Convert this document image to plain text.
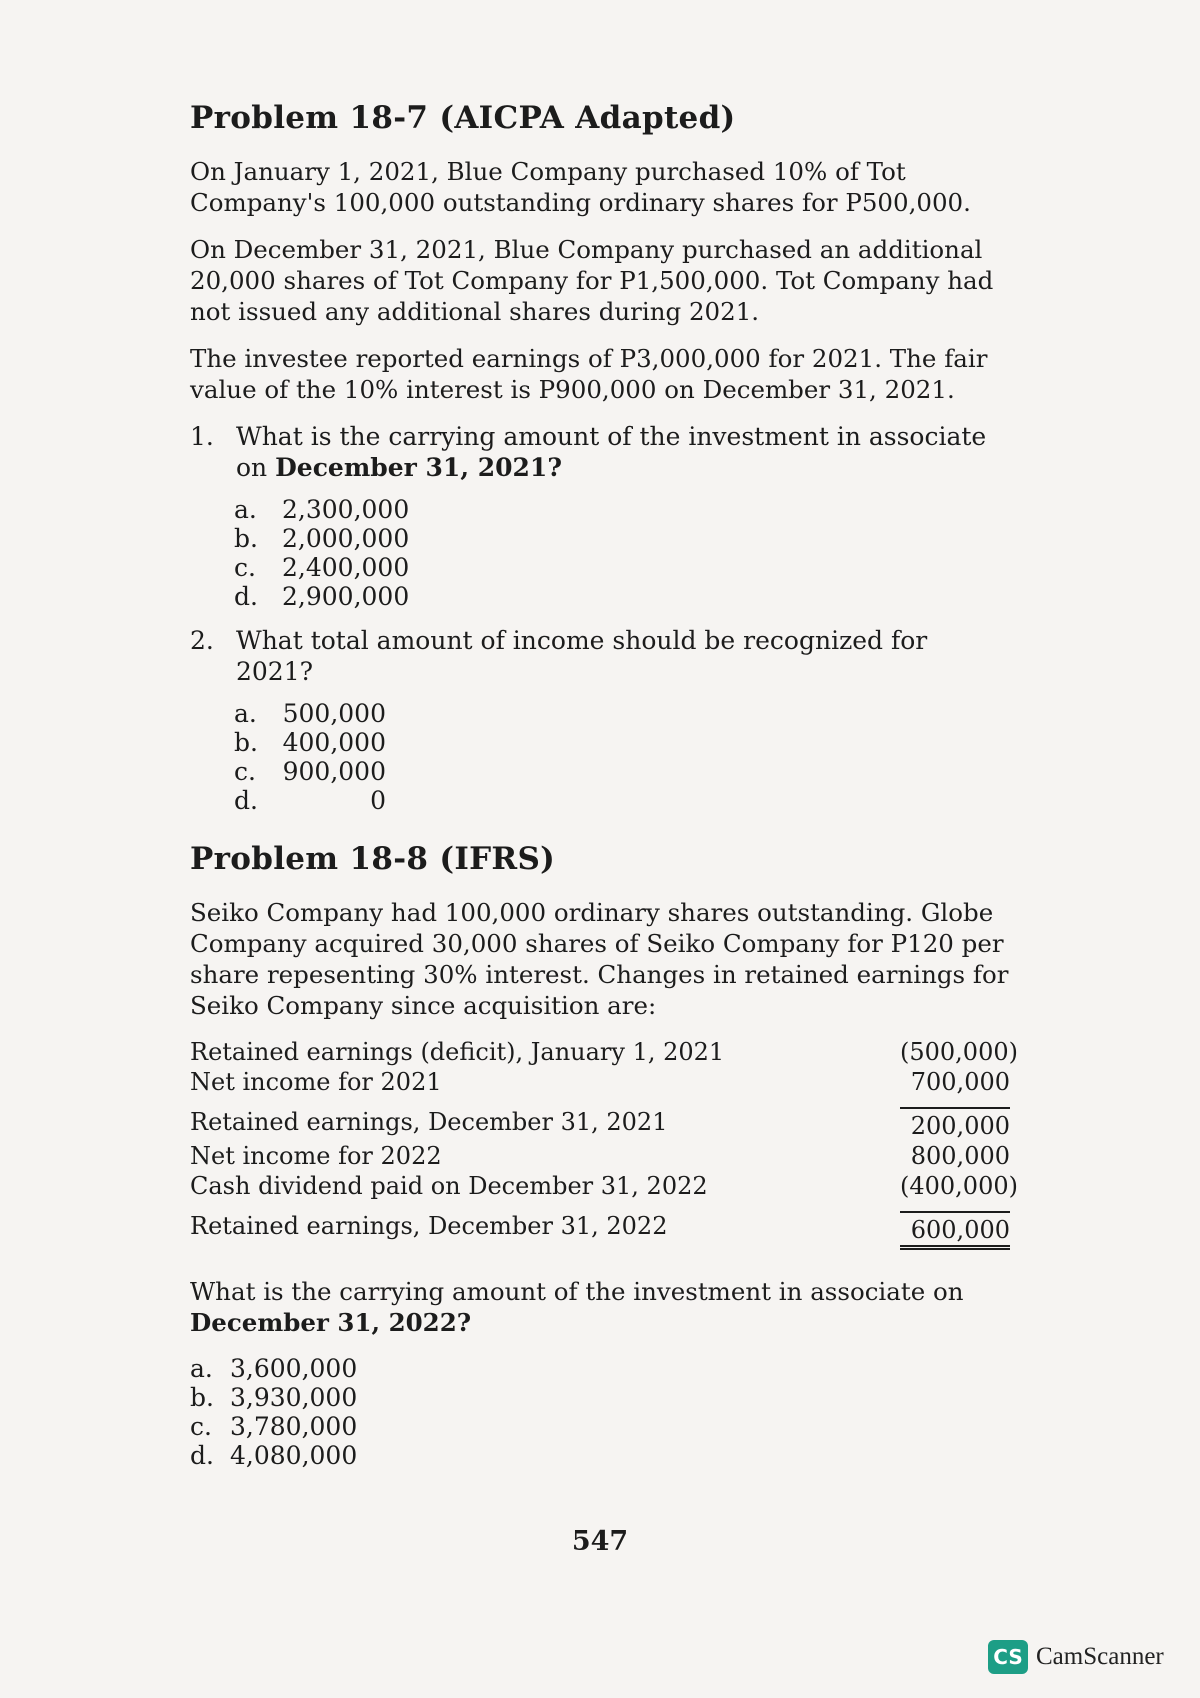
Problem 18-7 (AICPA Adapted)

On January 1, 2021, Blue Company purchased 10% of Tot Company's 100,000 outstanding ordinary shares for P500,000.

On December 31, 2021, Blue Company purchased an additional 20,000 shares of Tot Company for P1,500,000. Tot Company had not issued any additional shares during 2021.

The investee reported earnings of P3,000,000 for 2021. The fair value of the 10% interest is P900,000 on December 31, 2021.

1. What is the carrying amount of the investment in associate on December 31, 2021?
a.	2,300,000
b. 2,000,000
c.	2,400,000
d. 2,900,000
2. What total amount of income should be recognized for 2021?
a.	500,000
b. 400,000
c.	900,000
d.	0
Problem 18-8 (IFRS)

Seiko Company had 100,000 ordinary shares outstanding. Globe Company acquired 30,000 shares of Seiko Company for P120 per share repesenting 30% interest. Changes in retained earnings for Seiko Company since acquisition are:

Retained earnings (deficit), January 1, 2021	(500,000)
Net income for 2021	700,000
Retained earnings, December 31, 2021	200,000
Net income for 2022	800,000
Cash dividend paid on December 31, 2022	(400,000)
Retained earnings, December 31, 2022	600,000

What is the carrying amount of the investment in associate on December 31, 2022?

a. 3,600,000
b. 3,930,000
c. 3,780,000
d. 4,080,000
547
CS CamScanner
